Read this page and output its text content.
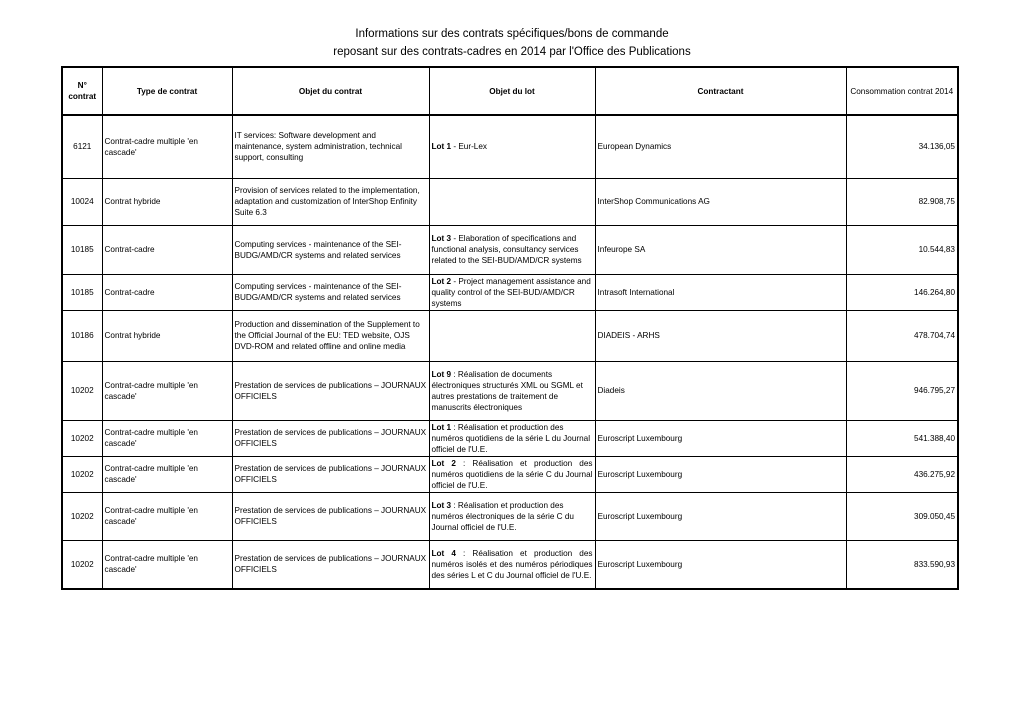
Informations sur des contrats spécifiques/bons de commande
reposant sur des contrats-cadres en 2014 par l'Office des Publications
N° contrat	Type de contrat	Objet du contrat	Objet du lot	Contractant	Consommation contrat 2014
6121	Contrat-cadre multiple 'en cascade'	IT services: Software development and maintenance, system administration, technical support, consulting	Lot 1 - Eur-Lex	European Dynamics	34.136,05
10024	Contrat hybride	Provision of services related to the implementation, adaptation and customization of InterShop Enfinity Suite 6.3		InterShop Communications AG	82.908,75
10185	Contrat-cadre	Computing services - maintenance of the SEI-BUDG/AMD/CR systems and related services	Lot 3 - Elaboration of specifications and functional analysis, consultancy services related to the SEI-BUD/AMD/CR systems	Infeurope SA	10.544,83
10185	Contrat-cadre	Computing services - maintenance of the SEI-BUDG/AMD/CR systems and related services	Lot 2 - Project management assistance and quality control of the SEI-BUD/AMD/CR systems	Intrasoft International	146.264,80
10186	Contrat hybride	Production and dissemination of the Supplement to the Official Journal of the EU: TED website, OJS DVD-ROM and related offline and online media		DIADEIS - ARHS	478.704,74
10202	Contrat-cadre multiple 'en cascade'	Prestation de services de publications – JOURNAUX OFFICIELS	Lot 9 : Réalisation de documents électroniques structurés XML ou SGML et autres prestations de traitement de manuscrits électroniques	Diadeis	946.795,27
10202	Contrat-cadre multiple 'en cascade'	Prestation de services de publications – JOURNAUX OFFICIELS	Lot 1 : Réalisation et production des numéros quotidiens de la série L du Journal officiel de l'U.E.	Euroscript Luxembourg	541.388,40
10202	Contrat-cadre multiple 'en cascade'	Prestation de services de publications – JOURNAUX OFFICIELS	Lot 2 : Réalisation et production des numéros quotidiens de la série C du Journal officiel de l'U.E.	Euroscript Luxembourg	436.275,92
10202	Contrat-cadre multiple 'en cascade'	Prestation de services de publications – JOURNAUX OFFICIELS	Lot 3 : Réalisation et production des numéros électroniques de la série C du Journal officiel de l'U.E.	Euroscript Luxembourg	309.050,45
10202	Contrat-cadre multiple 'en cascade'	Prestation de services de publications – JOURNAUX OFFICIELS	Lot 4 : Réalisation et production des numéros isolés et des numéros périodiques des séries L et C du Journal officiel de l'U.E.	Euroscript Luxembourg	833.590,93
